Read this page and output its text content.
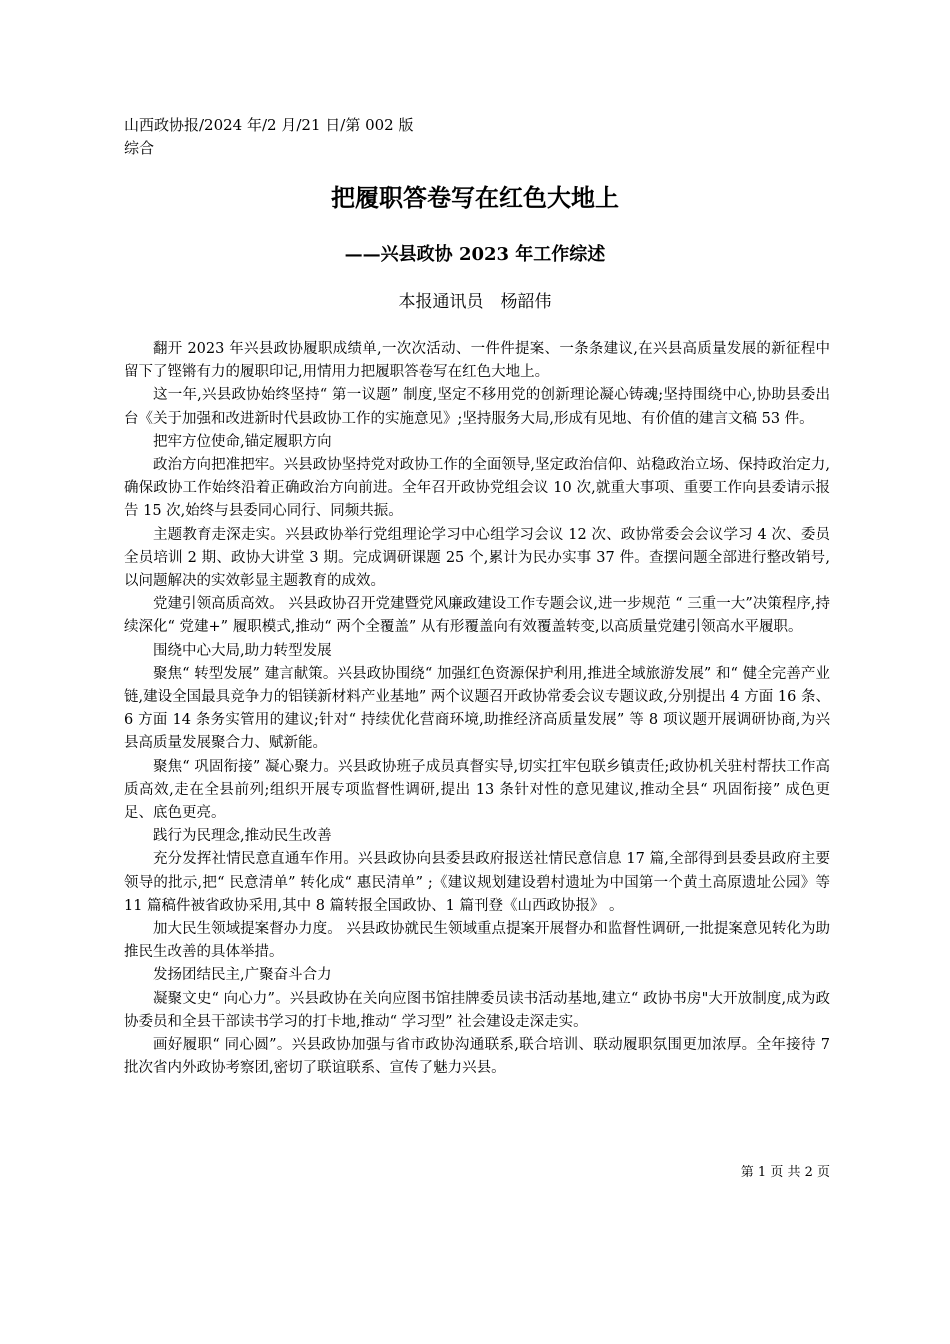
山西政协报/2024 年/2 月/21 日/第 002 版综合
把履职答卷写在红色大地上
——兴县政协 2023 年工作综述
本报通讯员　杨韶伟

翻开 2023 年兴县政协履职成绩单,一次次活动、一件件提案、一条条建议,在兴县高质量发展的新征程中留下了铿锵有力的履职印记,用情用力把履职答卷写在红色大地上。

这一年,兴县政协始终坚持“ 第一议题” 制度,坚定不移用党的创新理论凝心铸魂;坚持围绕中心,协助县委出台《关于加强和改进新时代县政协工作的实施意见》;坚持服务大局,形成有见地、有价值的建言文稿 53 件。

把牢方位使命,锚定履职方向

政治方向把准把牢。兴县政协坚持党对政协工作的全面领导,坚定政治信仰、站稳政治立场、保持政治定力,确保政协工作始终沿着正确政治方向前进。全年召开政协党组会议 10 次,就重大事项、重要工作向县委请示报告 15 次,始终与县委同心同行、同频共振。

主题教育走深走实。兴县政协举行党组理论学习中心组学习会议 12 次、政协常委会会议学习 4 次、委员全员培训 2 期、政协大讲堂 3 期。完成调研课题 25 个,累计为民办实事 37 件。查摆问题全部进行整改销号,以问题解决的实效彰显主题教育的成效。

党建引领高质高效。 兴县政协召开党建暨党风廉政建设工作专题会议,进一步规范 “ 三重一大”决策程序,持续深化“ 党建+” 履职模式,推动“ 两个全覆盖” 从有形覆盖向有效覆盖转变,以高质量党建引领高水平履职。

围绕中心大局,助力转型发展

聚焦“ 转型发展” 建言献策。兴县政协围绕“ 加强红色资源保护利用,推进全域旅游发展” 和“ 健全完善产业链,建设全国最具竞争力的铝镁新材料产业基地” 两个议题召开政协常委会议专题议政,分别提出 4 方面 16 条、6 方面 14 条务实管用的建议;针对“ 持续优化营商环境,助推经济高质量发展” 等 8 项议题开展调研协商,为兴县高质量发展聚合力、赋新能。

聚焦“ 巩固衔接” 凝心聚力。兴县政协班子成员真督实导,切实扛牢包联乡镇责任;政协机关驻村帮扶工作高质高效,走在全县前列;组织开展专项监督性调研,提出 13 条针对性的意见建议,推动全县“ 巩固衔接” 成色更足、底色更亮。

践行为民理念,推动民生改善

充分发挥社情民意直通车作用。兴县政协向县委县政府报送社情民意信息 17 篇,全部得到县委县政府主要领导的批示,把“ 民意清单” 转化成“ 惠民清单” ;《建议规划建设碧村遗址为中国第一个黄土高原遗址公园》等 11 篇稿件被省政协采用,其中 8 篇转报全国政协、1 篇刊登《山西政协报》 。

加大民生领域提案督办力度。 兴县政协就民生领域重点提案开展督办和监督性调研,一批提案意见转化为助推民生改善的具体举措。

发扬团结民主,广聚奋斗合力

凝聚文史“ 向心力”。兴县政协在关向应图书馆挂牌委员读书活动基地,建立“ 政协书房"大开放制度,成为政协委员和全县干部读书学习的打卡地,推动“ 学习型” 社会建设走深走实。

画好履职“ 同心圆”。兴县政协加强与省市政协沟通联系,联合培训、联动履职氛围更加浓厚。全年接待 7 批次省内外政协考察团,密切了联谊联系、宣传了魅力兴县。

第 1 页 共 2 页
